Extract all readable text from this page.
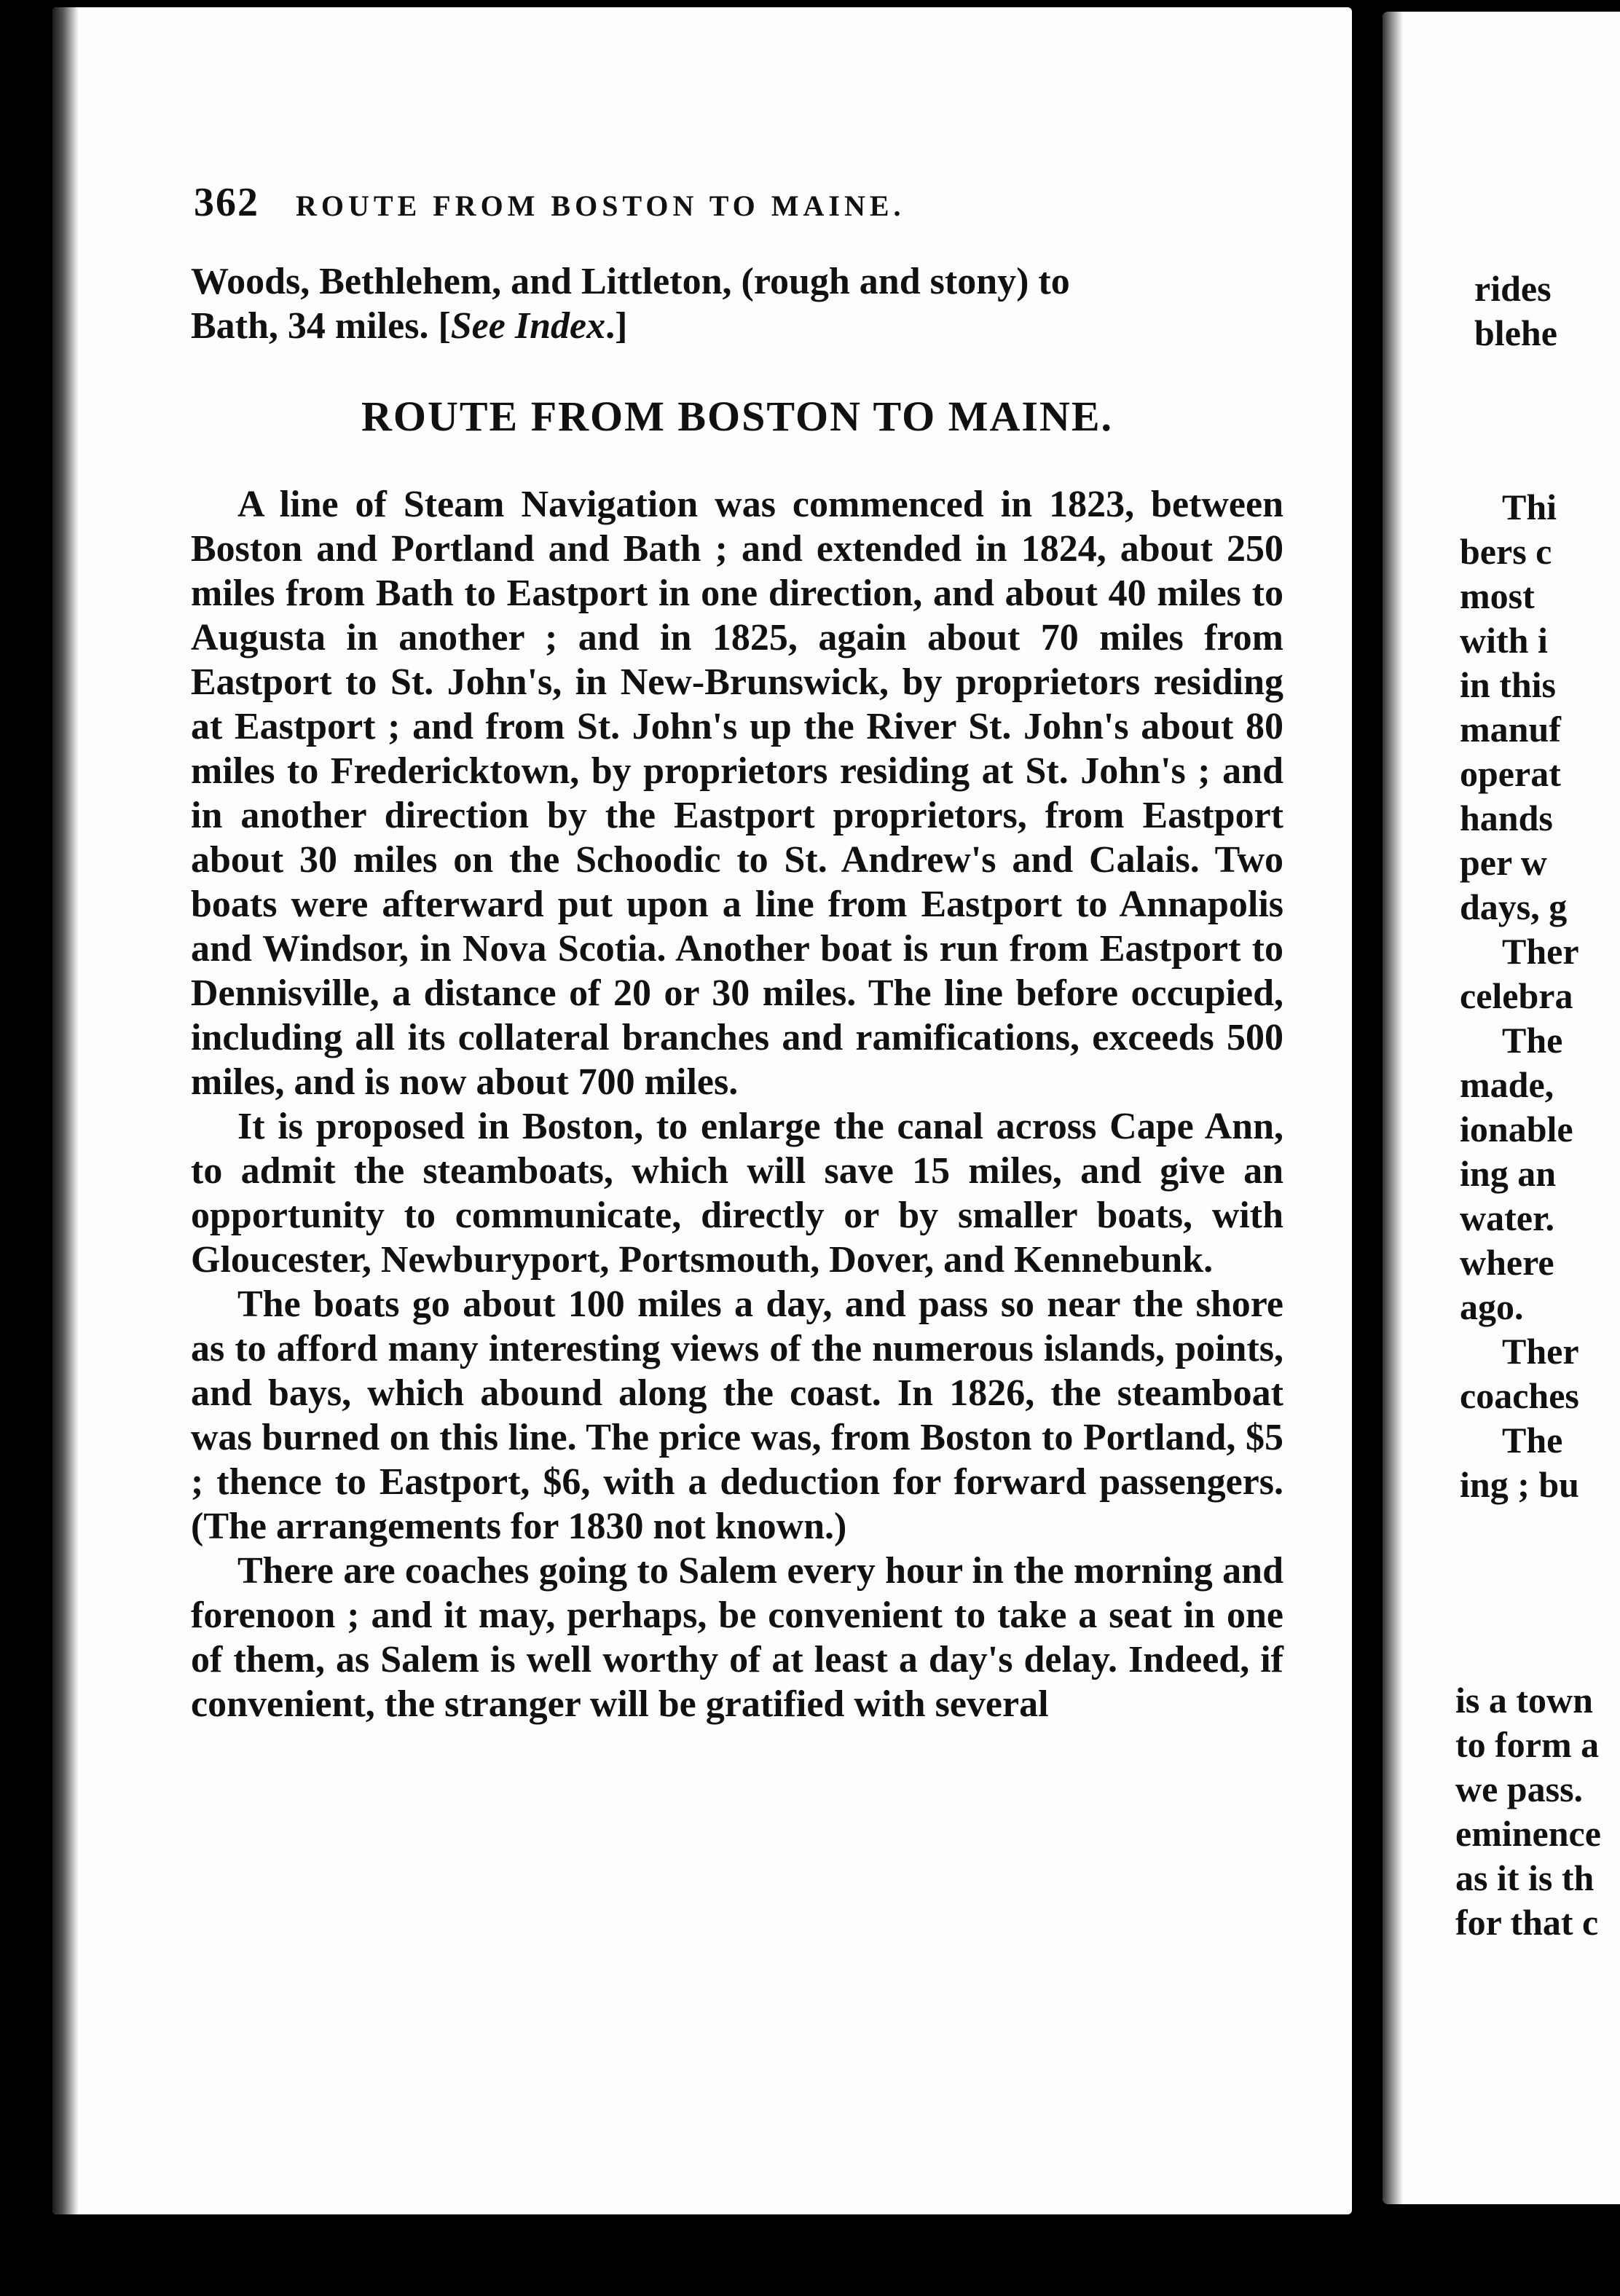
362 ROUTE FROM BOSTON TO MAINE.
Woods, Bethlehem, and Littleton, (rough and stony) to
Bath, 34 miles. [See Index.]
ROUTE FROM BOSTON TO MAINE.

A line of Steam Navigation was commenced in 1823, between Boston and Portland and Bath ; and extended in 1824, about 250 miles from Bath to Eastport in one direction, and about 40 miles to Augusta in another ; and in 1825, again about 70 miles from Eastport to St. John's, in New-Brunswick, by proprietors residing at Eastport ; and from St. John's up the River St. John's about 80 miles to Fredericktown, by proprietors residing at St. John's ; and in another direction by the Eastport proprietors, from Eastport about 30 miles on the Schoodic to St. Andrew's and Calais. Two boats were afterward put upon a line from Eastport to Annapolis and Windsor, in Nova Scotia. Another boat is run from Eastport to Dennisville, a distance of 20 or 30 miles. The line before occupied, including all its collateral branches and ramifications, exceeds 500 miles, and is now about 700 miles.

It is proposed in Boston, to enlarge the canal across Cape Ann, to admit the steamboats, which will save 15 miles, and give an opportunity to communicate, directly or by smaller boats, with Gloucester, Newburyport, Portsmouth, Dover, and Kennebunk.

The boats go about 100 miles a day, and pass so near the shore as to afford many interesting views of the numerous islands, points, and bays, which abound along the coast. In 1826, the steamboat was burned on this line. The price was, from Boston to Portland, $5 ; thence to Eastport, $6, with a deduction for forward passengers. (The arrangements for 1830 not known.)

There are coaches going to Salem every hour in the morning and forenoon ; and it may, perhaps, be convenient to take a seat in one of them, as Salem is well worthy of at least a day's delay. Indeed, if convenient, the stranger will be gratified with several

rides
blehe
Thi
bers c
most
with i
in this
manuf
operat
hands
per w
days, g
Ther
celebra
The
made,
ionable
ing an
water.
where
ago.
Ther
coaches
The
ing ; bu
is a town
to form a
we pass.
eminence
as it is th
for that c
